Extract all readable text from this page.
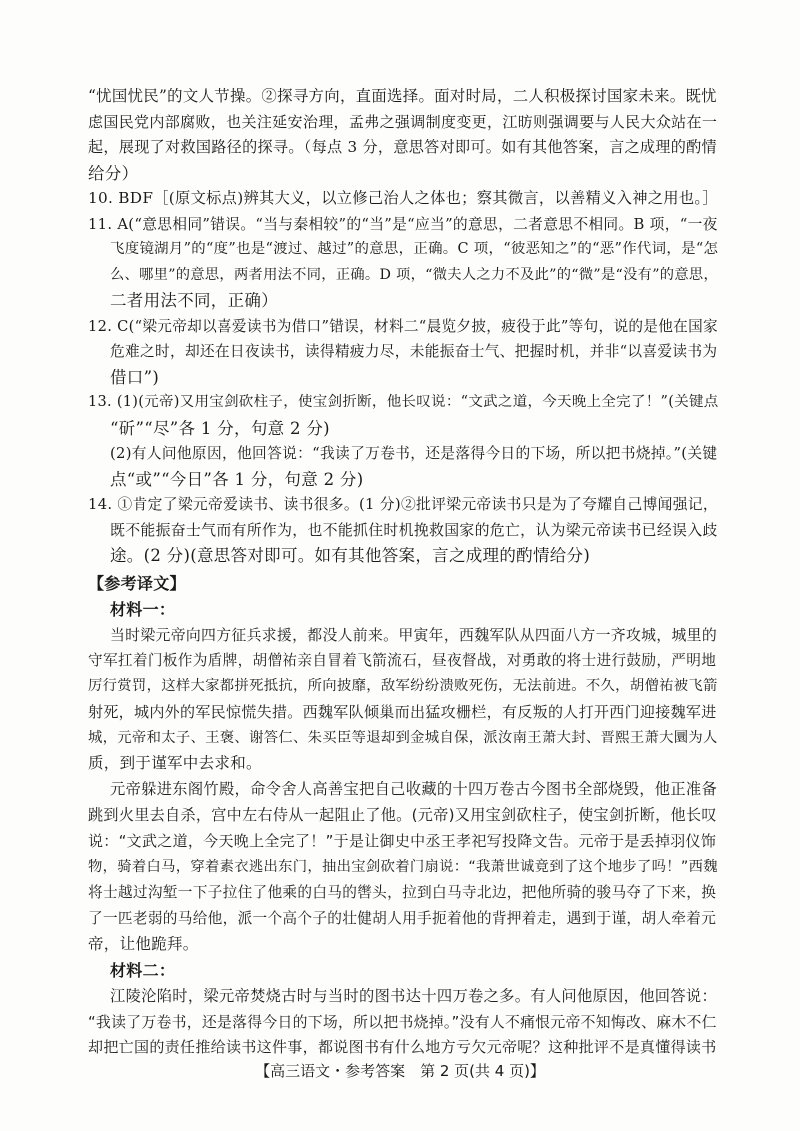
“忧国忧民”的文人节操。②探寻方向，直面选择。面对时局，二人积极探讨国家未来。既忧
虑国民党内部腐败，也关注延安治理，孟弗之强调制度变更，江昉则强调要与人民大众站在一
起，展现了对救国路径的探寻。（每点 3 分，意思答对即可。如有其他答案，言之成理的酌情
给分）
10. BDF［(原文标点)辨其大义，以立修己治人之体也；察其微言，以善精义入神之用也。］
11. A(“意思相同”错误。“当与秦相较”的“当”是“应当”的意思，二者意思不相同。B 项，“一夜
飞度镜湖月”的“度”也是“渡过、越过”的意思，正确。C 项，“彼恶知之”的“恶”作代词，是“怎
么、哪里”的意思，两者用法不同，正确。D 项，“微夫人之力不及此”的“微”是“没有”的意思，
二者用法不同，正确）
12. C(“梁元帝却以喜爱读书为借口”错误，材料二“晨览夕披，疲役于此”等句，说的是他在国家
危难之时，却还在日夜读书，读得精疲力尽，未能振奋士气、把握时机，并非“以喜爱读书为
借口”)
13. (1)(元帝)又用宝剑砍柱子，使宝剑折断，他长叹说：“文武之道，今天晚上全完了！”(关键点
“斫”“尽”各 1 分，句意 2 分)
(2)有人问他原因，他回答说：“我读了万卷书，还是落得今日的下场，所以把书烧掉。”(关键
点“或”“今日”各 1 分，句意 2 分)
14. ①肯定了梁元帝爱读书、读书很多。(1 分)②批评梁元帝读书只是为了夸耀自己博闻强记，
既不能振奋士气而有所作为，也不能抓住时机挽救国家的危亡，认为梁元帝读书已经误入歧
途。(2 分)(意思答对即可。如有其他答案，言之成理的酌情给分)
【参考译文】
材料一：
当时梁元帝向四方征兵求援，都没人前来。甲寅年，西魏军队从四面八方一齐攻城，城里的
守军扛着门板作为盾牌，胡僧祐亲自冒着飞箭流石，昼夜督战，对勇敢的将士进行鼓励，严明地
厉行赏罚，这样大家都拼死抵抗，所向披靡，敌军纷纷溃败死伤，无法前进。不久，胡僧祐被飞箭
射死，城内外的军民惊慌失措。西魏军队倾巢而出猛攻栅栏，有反叛的人打开西门迎接魏军进
城，元帝和太子、王褒、谢答仁、朱买臣等退却到金城自保，派汝南王萧大封、晋熙王萧大圜为人
质，到于谨军中去求和。
元帝躲进东阁竹殿，命令舍人高善宝把自己收藏的十四万卷古今图书全部烧毁，他正准备
跳到火里去自杀，宫中左右侍从一起阻止了他。(元帝)又用宝剑砍柱子，使宝剑折断，他长叹
说：“文武之道，今天晚上全完了！”于是让御史中丞王孝祀写投降文告。元帝于是丢掉羽仪饰
物，骑着白马，穿着素衣逃出东门，抽出宝剑砍着门扇说：“我萧世诚竟到了这个地步了吗！”西魏
将士越过沟堑一下子拉住了他乘的白马的辔头，拉到白马寺北边，把他所骑的骏马夺了下来，换
了一匹老弱的马给他，派一个高个子的壮健胡人用手扼着他的背押着走，遇到于谨，胡人牵着元
帝，让他跪拜。
材料二：
江陵沦陷时，梁元帝焚烧古时与当时的图书达十四万卷之多。有人问他原因，他回答说：
“我读了万卷书，还是落得今日的下场，所以把书烧掉。”没有人不痛恨元帝不知悔改、麻木不仁
却把亡国的责任推给读书这件事，都说图书有什么地方亏欠元帝呢？这种批评不是真懂得读书
【高三语文・参考答案　第 2 页(共 4 页)】
